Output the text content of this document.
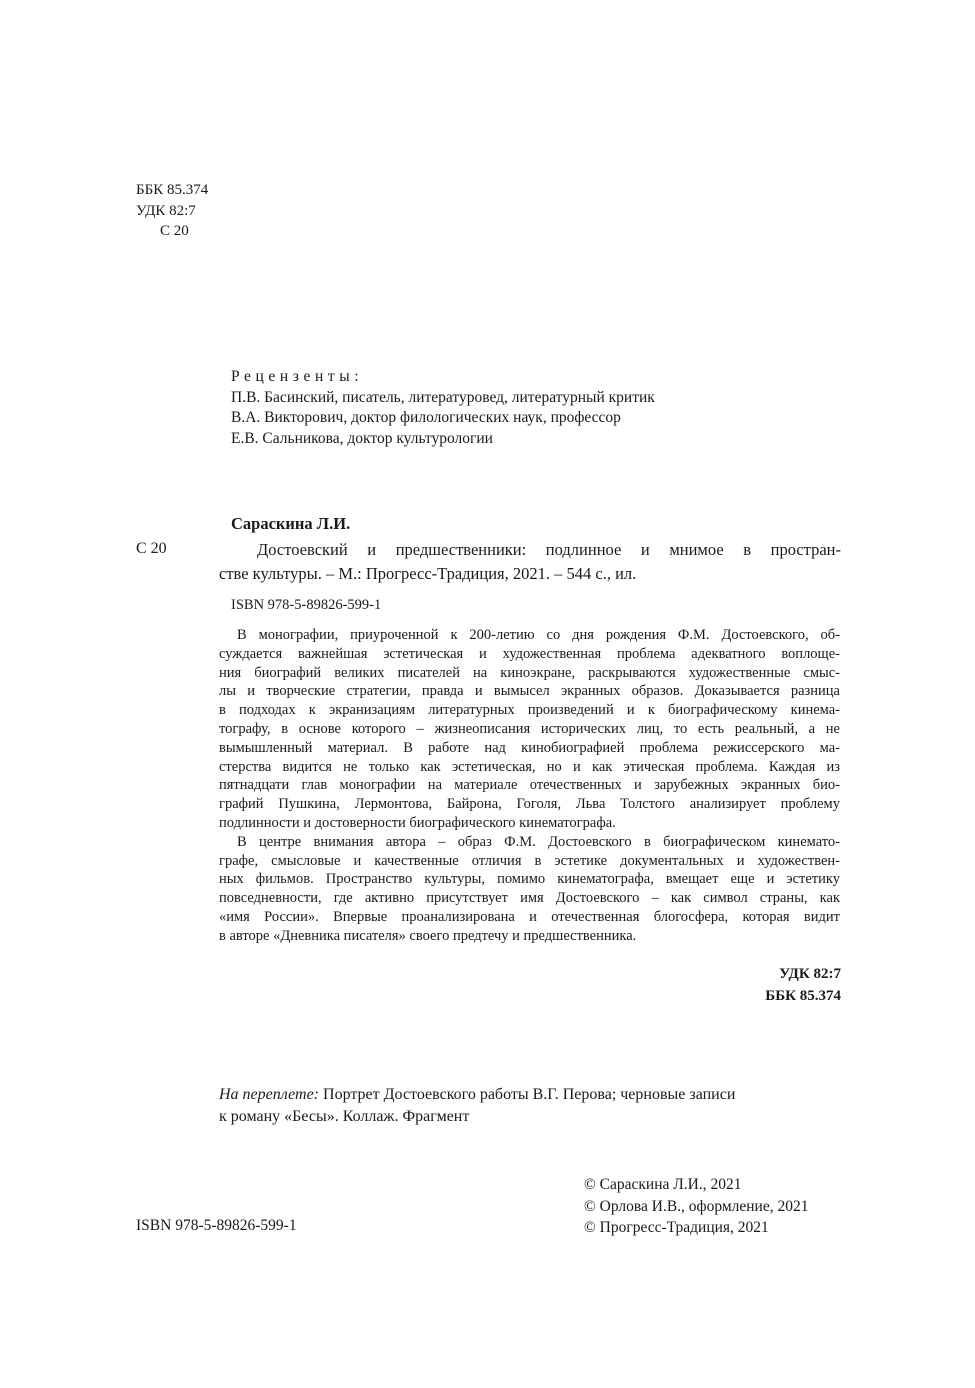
ББК 85.374
УДК 82:7
С 20
Рецензенты:
П.В. Басинский, писатель, литературовед, литературный критик
В.А. Викторович, доктор филологических наук, профессор
Е.В. Сальникова, доктор культурологии
Сараскина Л.И.
С 20	Достоевский и предшественники: подлинное и мнимое в простран-
стве культуры. – М.: Прогресс-Традиция, 2021. – 544 с., ил.
ISBN 978-5-89826-599-1

В монографии, приуроченной к 200-летию со дня рождения Ф.М. Достоевского, об-
суждается важнейшая эстетическая и художественная проблема адекватного воплоще-
ния биографий великих писателей на киноэкране, раскрываются художественные смыс-
лы и творческие стратегии, правда и вымысел экранных образов. Доказывается разница
в подходах к экранизациям литературных произведений и к биографическому кинема-
тографу, в основе которого – жизнеописания исторических лиц, то есть реальный, а не
вымышленный материал. В работе над кинобиографией проблема режиссерского ма-
стерства видится не только как эстетическая, но и как этическая проблема. Каждая из
пятнадцати глав монографии на материале отечественных и зарубежных экранных био-
графий Пушкина, Лермонтова, Байрона, Гоголя, Льва Толстого анализирует проблему
подлинности и достоверности биографического кинематографа.

В центре внимания автора – образ Ф.М. Достоевского в биографическом кинемато-
графе, смысловые и качественные отличия в эстетике документальных и художествен-
ных фильмов. Пространство культуры, помимо кинематографа, вмещает еще и эстетику
повседневности, где активно присутствует имя Достоевского – как символ страны, как
«имя России». Впервые проанализирована и отечественная блогосфера, которая видит
в авторе «Дневника писателя» своего предтечу и предшественника.

УДК 82:7
ББК 85.374
На переплете: Портрет Достоевского работы В.Г. Перова; черновые записи
к роману «Бесы». Коллаж. Фрагмент
© Сараскина Л.И., 2021
© Орлова И.В., оформление, 2021
© Прогресс-Традиция, 2021
ISBN 978-5-89826-599-1
